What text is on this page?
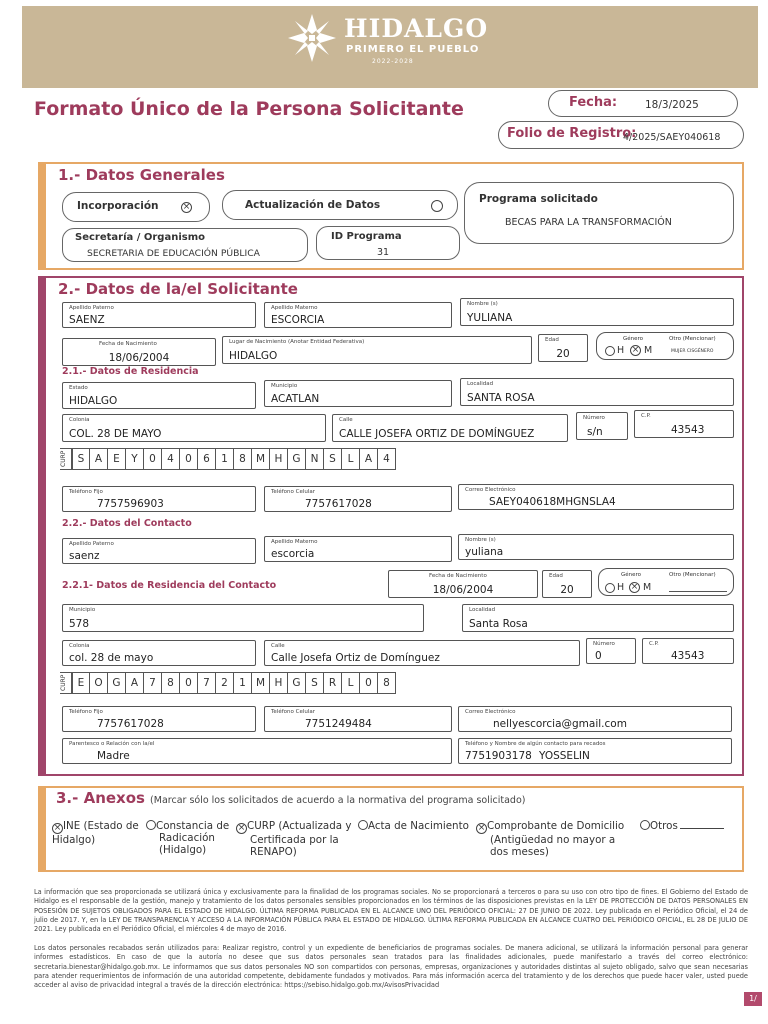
HIDALGO
PRIMERO EL PUEBLO
2022-2028
Formato Único de la Persona Solicitante	Fecha:	18/3/2025
Folio de Registro:
4/2025/SAEY040618
1.- Datos Generales
Incorporación	×	Actualización de Datos	Programa solicitado
BECAS PARA LA TRANSFORMACIÓN
Secretaría / Organismo
SECRETARIA DE EDUCACIÓN PÚBLICA
ID Programa
31
2.- Datos de la/el Solicitante
Apellido Paterno
SAENZ
Apellido Materno
ESCORCIA
Nombre (s)
YULIANA
Fecha de Nacimiento
18/06/2004
Lugar de Nacimiento (Anotar Entidad Federativa)
HIDALGO
Edad
20
Género	Otro (Mencionar)
H × M	MUJER CISGÉNERO
2.1.- Datos de Residencia
Estado
HIDALGO
Municipio
ACATLAN
Localidad
SANTA ROSA
Colonia
COL. 28 DE MAYO
Calle
CALLE JOSEFA ORTIZ DE DOMÍNGUEZ
Número
s/n
C.P.
43543
CURP	S	A	E	Y	0	4	0	6	1	8 M H G N	S	L	A	4
Teléfono Fijo
7757596903
Teléfono Celular
7757617028
Correo Electrónico
SAEY040618MHGNSLA4
2.2.- Datos del Contacto
Apellido Paterno
saenz
Apellido Materno
escorcia
Nombre (s)
yuliana
2.2.1- Datos de Residencia del Contacto
Fecha de Nacimiento
18/06/2004
Edad
20
Género	Otro (Mencionar)
H × M
Municipio
578
Localidad
Santa Rosa
Colonia
col. 28 de mayo
Calle
Calle Josefa Ortiz de Domínguez
Número
0
C.P.
43543
CURP	E O G A	7	8	0	7	2	1 M H G	S	R	L	0	8
Teléfono Fijo
7757617028
Teléfono Celular
7751249484
Correo Electrónico
nellyescorcia@gmail.com
Parentesco o Relación con la/el
Madre
Teléfono y Nombre de algún contacto para recados
7751903178 YOSSELIN
3.- Anexos (Marcar sólo los solicitados de acuerdo a la normativa del programa solicitado)
× INE (Estado de
Hidalgo)
Constancia de
Radicación
(Hidalgo)
× CURP (Actualizada y
Certificada por la
RENAPO)
Acta de Nacimiento × Comprobante de Domicilio
(Antigüedad no mayor a
dos meses)
Otros
La información que sea proporcionada se utilizará única y exclusivamente para la finalidad de los programas sociales. No se proporcionará a terceros o para su uso con otro tipo de fines. El Gobierno del Estado de Hidalgo es el responsable de la gestión, manejo y tratamiento de los datos personales sensibles proporcionados en los términos de las disposiciones previstas en la LEY DE PROTECCIÓN DE DATOS PERSONALES EN POSESIÓN DE SUJETOS OBLIGADOS PARA EL ESTADO DE HIDALGO. ÚLTIMA REFORMA PUBLICADA EN EL ALCANCE UNO DEL PERIÓDICO OFICIAL: 27 DE JUNIO DE 2022. Ley publicada en el Periódico Oficial, el 24 de julio de 2017. Y, en la LEY DE TRANSPARENCIA Y ACCESO A LA INFORMACIÓN PÚBLICA PARA EL ESTADO DE HIDALGO. ÚLTIMA REFORMA PUBLICADA EN ALCANCE CUATRO DEL PERIÓDICO OFICIAL, EL 28 DE JULIO DE 2021. Ley publicada en el Periódico Oficial, el miércoles 4 de mayo de 2016.
Los datos personales recabados serán utilizados para: Realizar registro, control y un expediente de beneficiarios de programas sociales. De manera adicional, se utilizará la información personal para generar informes estadísticos. En caso de que la autoría no desee que sus datos personales sean tratados para las finalidades adicionales, puede manifestarlo a través del correo electrónico: secretaria.bienestar@hidalgo.gob.mx. Le informamos que sus datos personales NO son compartidos con personas, empresas, organizaciones y autoridades distintas al sujeto obligado, salvo que sean necesarias para atender requerimientos de información de una autoridad competente, debidamente fundados y motivados. Para más información acerca del tratamiento y de los derechos que puede hacer valer, usted puede acceder al aviso de privacidad integral a través de la dirección electrónica: https://sebiso.hidalgo.gob.mx/AvisosPrivacidad
1/
